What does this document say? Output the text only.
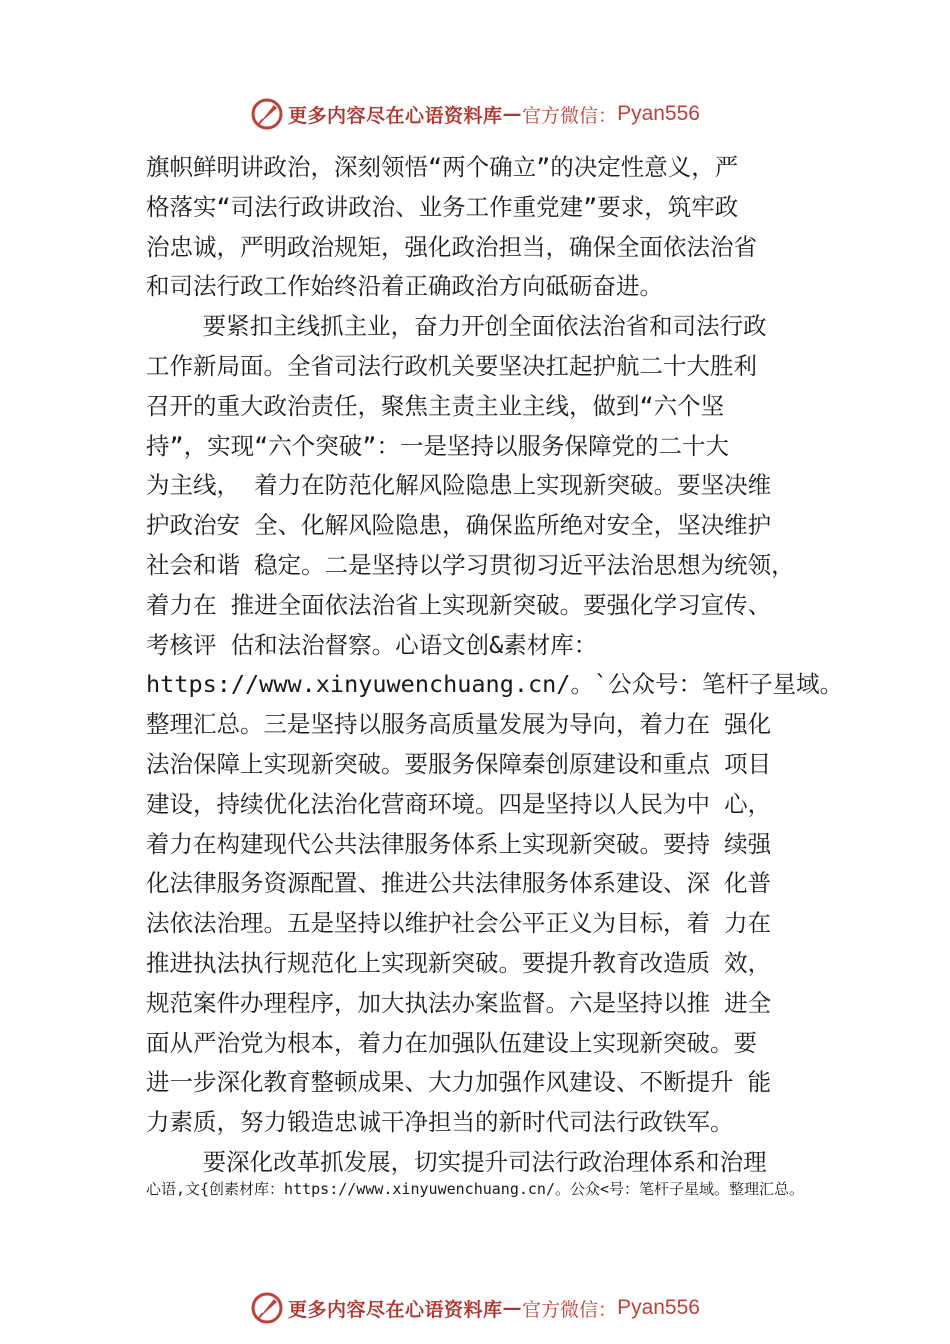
更多内容尽在心语资料库 — 官方微信： Pyan556
旗帜鲜明讲政治，深刻领悟“两个确立”的决定性意义，严
格落实“司法行政讲政治、业务工作重党建”要求，筑牢政
治忠诚，严明政治规矩，强化政治担当，确保全面依法治省
和司法行政工作始终沿着正确政治方向砥砺奋进。
要紧扣主线抓主业，奋力开创全面依法治省和司法行政
工作新局面。全省司法行政机关要坚决扛起护航二十大胜利
召开的重大政治责任，聚焦主责主业主线，做到“六个坚
持”，实现“六个突破”：一是坚持以服务保障党的二十大
为主线， 着力在防范化解风险隐患上实现新突破。要坚决维
护政治安 全、化解风险隐患，确保监所绝对安全，坚决维护
社会和谐 稳定。二是坚持以学习贯彻习近平法治思想为统领，
着力在 推进全面依法治省上实现新突破。要强化学习宣传、
考核评 估和法治督察。心语文创&素材库：
https://www.xinyuwenchuang.cn/。`公众号：笔杆子星域。
整理汇总。三是坚持以服务高质量发展为导向，着力在 强化
法治保障上实现新突破。要服务保障秦创原建设和重点 项目
建设，持续优化法治化营商环境。四是坚持以人民为中 心，
着力在构建现代公共法律服务体系上实现新突破。要持 续强
化法律服务资源配置、推进公共法律服务体系建设、深 化普
法依法治理。五是坚持以维护社会公平正义为目标，着 力在
推进执法执行规范化上实现新突破。要提升教育改造质 效，
规范案件办理程序，加大执法办案监督。六是坚持以推 进全
面从严治党为根本，着力在加强队伍建设上实现新突破。要
进一步深化教育整顿成果、大力加强作风建设、不断提升 能
力素质，努力锻造忠诚干净担当的新时代司法行政铁军。
要深化改革抓发展，切实提升司法行政治理体系和治理
心语,文{创素材库：https://www.xinyuwenchuang.cn/。公众<号：笔杆子星域。整理汇总。
更多内容尽在心语资料库 — 官方微信： Pyan556
